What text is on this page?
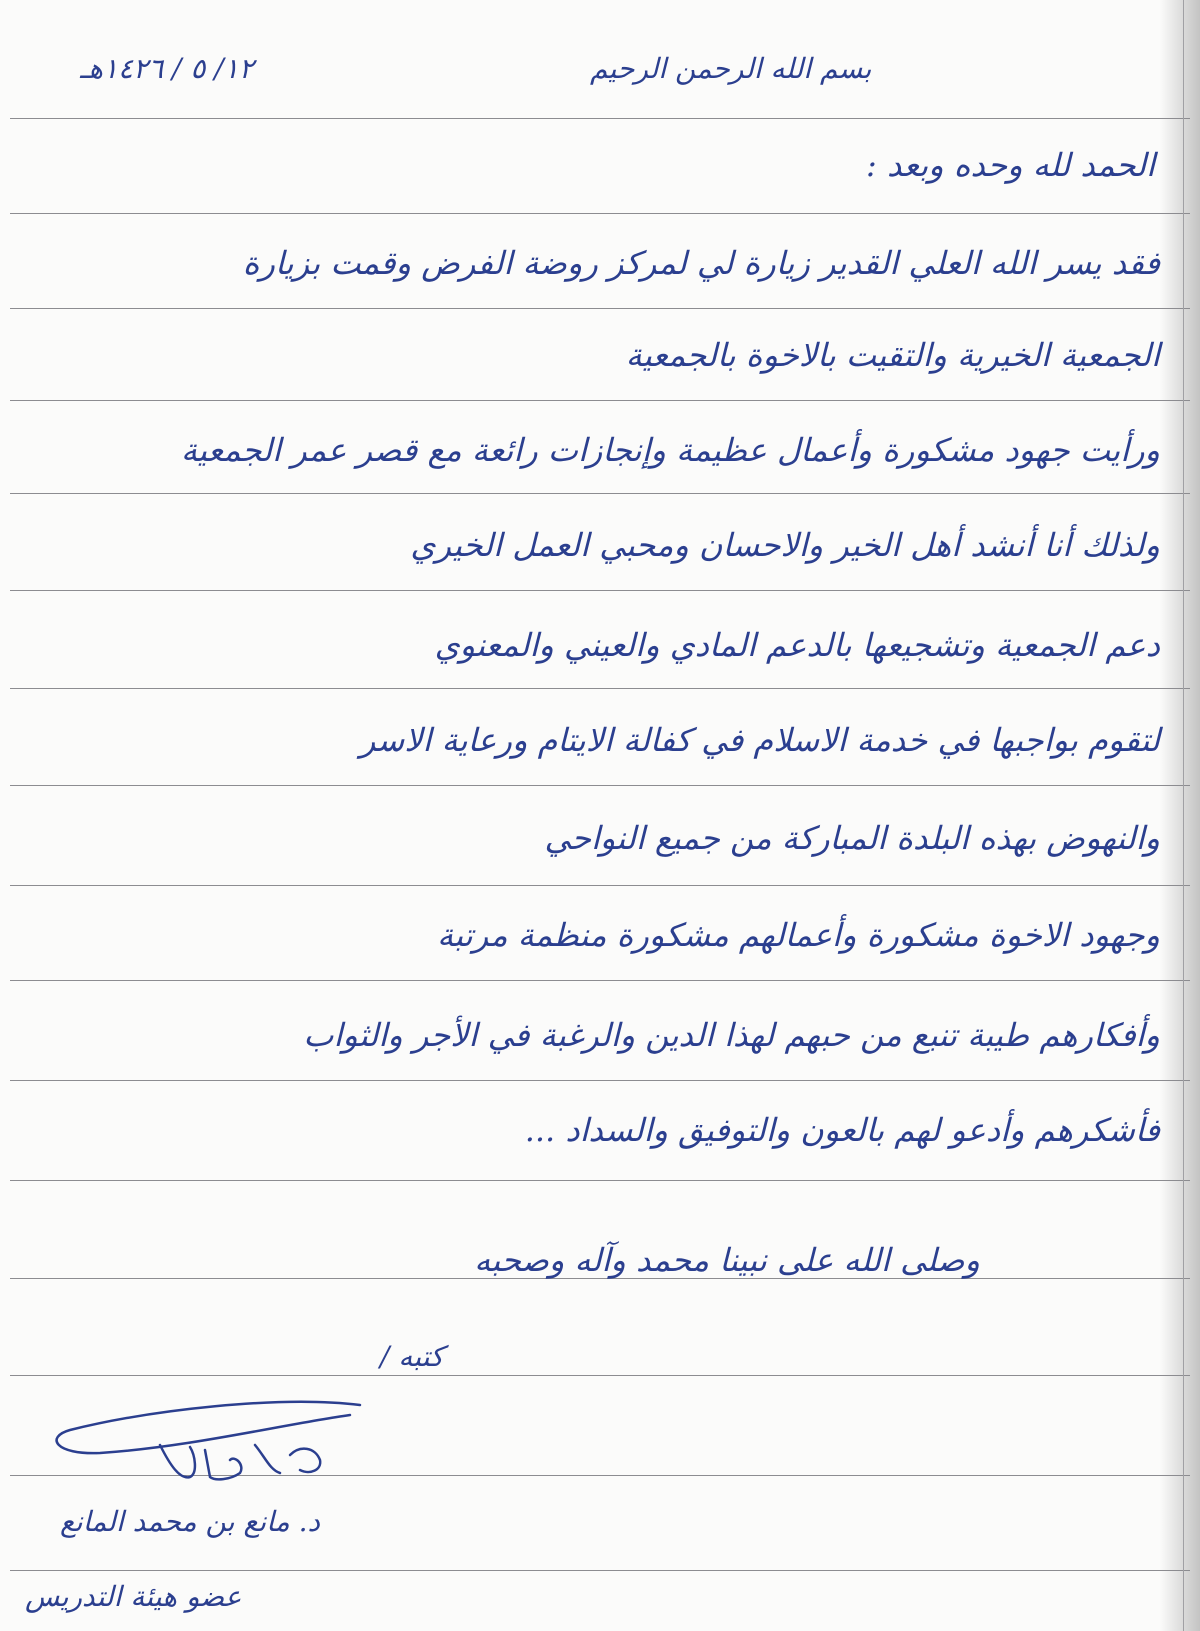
بسم الله الرحمن الرحيم
١٢/ ٥ / ١٤٢٦هـ
الحمد لله وحده وبعد :
فقد يسر الله العلي القدير زيارة لي لمركز روضة الفرض وقمت بزيارة
الجمعية الخيرية والتقيت بالاخوة بالجمعية
ورأيت جهود مشكورة وأعمال عظيمة وإنجازات رائعة مع قصر عمر الجمعية
ولذلك أنا أنشد أهل الخير والاحسان ومحبي العمل الخيري
دعم الجمعية وتشجيعها بالدعم المادي والعيني والمعنوي
لتقوم بواجبها في خدمة الاسلام في كفالة الايتام ورعاية الاسر
والنهوض بهذه البلدة المباركة من جميع النواحي
وجهود الاخوة مشكورة وأعمالهم مشكورة منظمة مرتبة
وأفكارهم طيبة تنبع من حبهم لهذا الدين والرغبة في الأجر والثواب
فأشكرهم وأدعو لهم بالعون والتوفيق والسداد ...
وصلى الله على نبينا محمد وآله وصحبه
كتبه /
د. مانع بن محمد المانع
عضو هيئة التدريس
